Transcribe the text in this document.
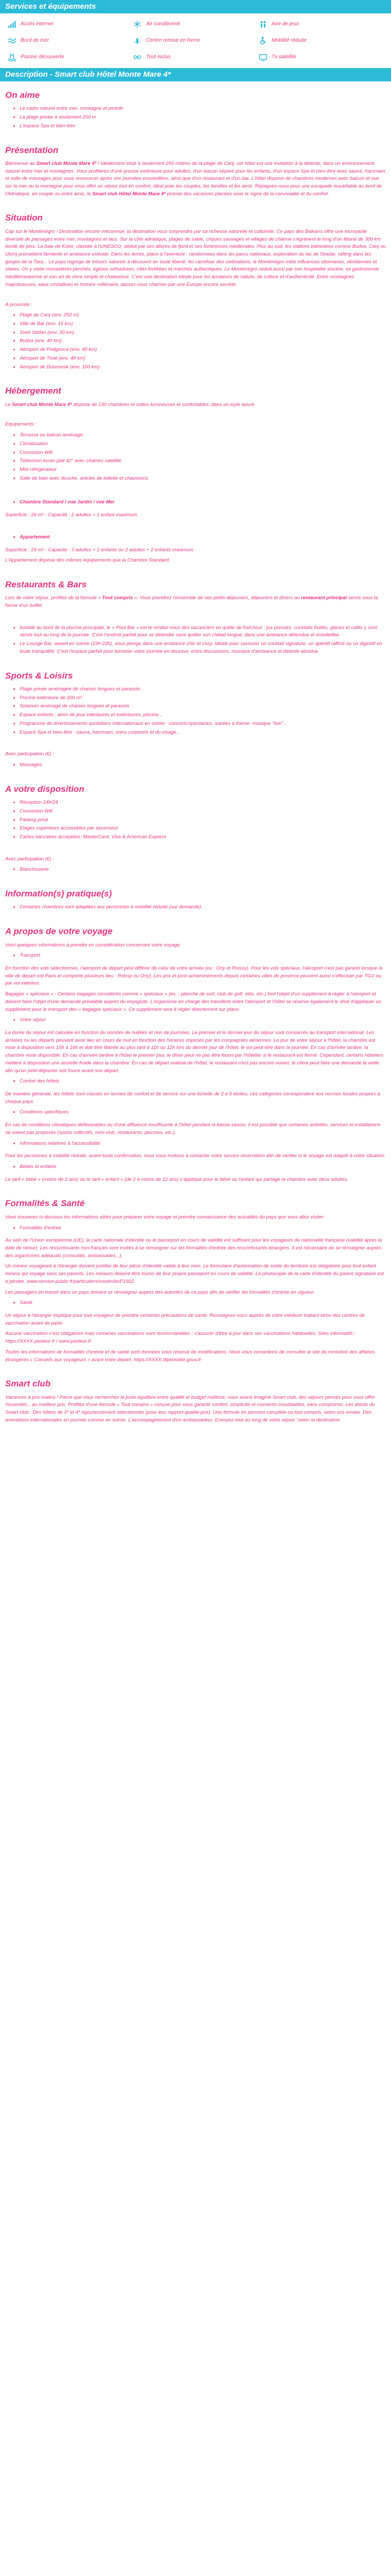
Services et équipements
Accès internet	Air conditionné	Aire de jeux
Bord de mer	Centre remise en forme	Mobilité réduite
Piscine découverte	Tout inclus	Tv satellite
Description - Smart club Hôtel Monte Mare 4*
On aime
• Le cadre naturel entre mer, montagne et pinède.
• La plage privée à seulement 250 m
• L'espace Spa et bien-être
Présentation

Bienvenue au Smart club Monte Mare 4* ! Idéalement situé à seulement 250 mètres de la plage de Canj, cet hôtel est une invitation à la détente, dans un environnement naturel entre mer et montagnes. Vous profiterez d'une piscine extérieure pour adultes, d'un bassin séparé pour les enfants, d'un espace Spa et bien-être avec sauna, hammam et salle de massages pour vous ressourcer après vos journées ensoleillées, ainsi que d'un restaurant et d'un bar. L'hôtel dispose de chambres modernes avec balcon et vue sur la mer ou la montagne pour vous offrir un séjour tout en confort, idéal pour les couples, les familles et les amis. Rejoignez-nous pour une escapade inoubliable au bord de l'Adriatique, en couple ou entre amis, le Smart club Hôtel Monte Mare 4* promet des vacances placées sous le signe de la convivialité et du confort.

Situation

Cap sur le Monténégro ! Destination encore méconnue, la destination vous surprendra par sa richesse naturelle et culturelle. Ce pays des Balkans offre une incroyable diversité de paysages entre mer, montagnes et lacs. Sur la côte adriatique, plages de sable, criques sauvages et villages de charme s'égrènent le long d'un littoral de 300 km bordé de pins. La baie de Kotor, classée à l'UNESCO, séduit par ses allures de fjord et ses forteresses médiévales. Plus au sud, les stations balnéaires comme Budva, Canj ou Ulcinj promettent farniente et ambiance estivale. Dans les terres, place à l'aventure : randonnées dans les parcs nationaux, exploration du lac de Skadar, rafting dans les gorges de la Tara... Le pays regorge de trésors naturels à découvrir en toute liberté. Au carrefour des civilisations, le Monténégro mêle influences ottomanes, vénitiennes et slaves. On y visite monastères perchés, églises orthodoxes, cités fortifiées et marchés authentiques. Le Monténégro séduit aussi par son hospitalité sincère, sa gastronomie méditerranéenne et son art de vivre simple et chaleureux. C'est une destination idéale pour les amateurs de nature, de culture et d'authenticité. Entre montagnes majestueuses, eaux cristallines et histoire millénaire, laissez-vous charmer par une Europe encore secrète.

A proximité :

• Plage de Canj (env. 250 m)
• Ville de Bar (env. 15 km)
• Sveti Stefan (env. 30 km)
• Budva (env. 40 km)
• Aéroport de Podgorica (env. 40 km)
• Aéroport de Tivat (env. 48 km)
• Aéroport de Dubrovnik (env. 100 km)
Hébergement

Le Smart club Monte Mare 4* dispose de 130 chambres et suites lumineuses et confortables, dans un style épuré.

Equipements :

• Terrasse ou balcon aménagé
• Climatisation
• Connexion Wifi
• Télévision écran plat 42" avec chaînes satellite
• Mini réfrigérateur
• Salle de bain avec douche, articles de toilette et chaussons
• Chambre Standard / vue Jardin / vue Mer

Superficie : 26 m² - Capacité : 2 adultes + 1 enfant maximum

• Appartement

Superficie : 29 m² - Capacité : 3 adultes + 2 enfants ou 2 adultes + 2 enfants maximum

L'Appartement dispose des mêmes équipements que la Chambre Standard.

Restaurants & Bars

Lors de votre séjour, profitez de la formule « Tout compris ». Vous prendrez l'ensemble de vos petits-déjeuners, déjeuners et dîners au restaurant principal servis sous la forme d'un buffet.

• Installé au bord de la piscine principale, le « Pool Bar » est le rendez-vous des vacanciers en quête de fraîcheur : jus pressés, cocktails fruités, glaces et cafés y sont servis tout au long de la journée. C'est l'endroit parfait pour se détendre sans quitter son chiliad longue, dans une ambiance détendue et ensoleillée.
• Le Lounge Bar, ouvert en soirée (19h-23h), vous plonge dans une ambiance chic et cosy. Idéale pour savourer un cocktail signature, un apéritif raffiné ou un digestif en toute tranquillité. C'est l'espace parfait pour terminer votre journée en douceur, entre discussions, musique d'ambiance et détente absolue.
Sports & Loisirs
• Plage privée aménagée de chaises longues et parasols
• Piscine extérieure de 200 m²
• Solarium aménagé de chaises longues et parasols
• Espace enfants : aires de jeux intérieures et extérieures, piscine...
• Programme de divertissements quotidiens internationaux en soirée : concerts/spectacles, soirées à thème, musique "live"...
• Espace Spa et bien-être : sauna, hammam, soins corporels et du visage...

Avec participation (€) :

• Massages
A votre disposition
• Réception 24h/24
• Connexion Wifi
• Parking privé
• Etages supérieurs accessibles par ascenseur
• Cartes bancaires acceptées: MasterCard, Visa & American Express

Avec participation (€) :

• Blanchisserie
Information(s) pratique(s)
• Certaines chambres sont adaptées aux personnes à mobilité réduite (sur demande).
A propos de votre voyage

Voici quelques informations à prendre en considération concernant votre voyage.

• Transport

En fonction des vols sélectionnés, l'aéroport de départ peut différer de celui de votre arrivée (ex : Orly et Roissy). Pour les vols spéciaux, l'aéroport n'est pas garanti lorsque la ville de départ est Paris et comporte plusieurs lieu : Roissy ou Orly). Les prix et post-acheminements depuis certaines villes de province peuvent aussi s'effectuer par TGV ou par vol intérieur.

Bagages « spéciaux » : Certains bagages considérés comme « spéciaux » (ex. : planche de surf, club de golf, vélo, etc.) font l'objet d'un supplément à régler à l'aéroport et doivent faire l'objet d'une demande préalable auprès du voyagiste. L'organisme en charge des transferts entre l'aéroport et l'hôtel se réserve également le droit d'appliquer un supplément pour le transport des « bagages spéciaux ». Ce supplément sera à régler directement sur place.

• Votre séjour

La durée du séjour est calculée en fonction du nombre de nuitées et non de journées. Le premier et le dernier jour du séjour sont consacrés au transport international. Les arrivées ou les départs peuvent avoir lieu en cours de nuit en fonction des horaires imposés par les compagnies aériennes. Le jour de votre séjour à l'hôtel, la chambre est mise à disposition vers 15h à 16h et doit être libérée au plus tard à 11h ou 12h lors du dernier jour de l'hôtel, le vol peut être dans la journée. En cas d'arrivée tardive, la chambre reste disponible. En cas d'arrivée tardive à l'hôtel le premier jour, le dîner peut ne pas être fourni par l'hôtelier si le restaurant est fermé. Cependant, certains hôteliers mettent à disposition une assiette froide dans la chambre. En cas de départ matinal de l'hôtel, le restaurant n'est pas encore ouvert, le client peut faire une demande la veille afin qu'un petit-déjeuner soit fourni avant son départ.

• Confort des hôtels

De manière générale, les hôtels sont classés en termes de confort et de service sur une échelle de 2 à 5 étoiles, ces catégories correspondent aux normes locales propres à chaque pays.

• Conditions spécifiques

En cas de conditions climatiques défavorables ou d'une affluence insuffisante à l'hôtel pendant la basse saison, il est possible que certaines activités, services et installations ne soient pas proposés (sports collectifs, mini-club, restaurants, piscines, etc.).

• Informations relatives à l'accessibilité

Pour les personnes à mobilité réduite, avant toute confirmation, nous vous invitons à contacter notre service réservation afin de vérifier si le voyage est adapté à votre situation.

• Bébés et enfants

Le tarif « bébé » (moins de 2 ans) ou le tarif « enfant » (de 2 à moins de 12 ans) s'applique pour le bébé ou l'enfant qui partage la chambre avec deux adultes.

Formalités & Santé

Vous trouverez ci-dessous les informations utiles pour préparer votre voyage et prendre connaissance des actualités du pays que vous allez visiter.

• Formalités d'entrée

Au sein de l'Union européenne (UE), la carte nationale d'identité ou le passeport en cours de validité est suffisant pour les voyageurs de nationalité française (validité après la date de retour). Les ressortissants non-français sont invités à se renseigner sur les formalités d'entrée des ressortissants étrangers. Il est nécessaire de se renseigner auprès des organismes adéquats (consulats, ambassades...).

Un mineur voyageant à l'étranger doivent justifier de leur pièce d'identité valide à leur nom. Le formulaire d'autorisation de sortie du territoire est obligatoire pour tout enfant mineur qui voyage sans ses parents. Les mineurs doivent être munis de leur propre passeport en cours de validité. La photocopie de la carte d'identité du parent signataire est à joindre. www.service-public.fr/particuliers/vosdroits/F1922

Les passagers en transit dans un pays doivent se renseigner auprès des autorités de ce pays afin de vérifier les formalités d'entrée en vigueur.

• Santé

Un séjour à l'étranger implique pour tout voyageur de prendre certaines précautions de santé. Renseignez-vous auprès de votre médecin traitant et/ou des centres de vaccination avant de partir.

Aucune vaccination n'est obligatoire mais certaines vaccinations sont recommandées ; s'assurer d'être à jour dans ses vaccinations habituelles. Sites informatifs : https://XXXX.pasteur.fr / www.pasteur.fr

Toutes les informations de formalités d'entrée et de santé sont données sous réserve de modifications. Nous vous conseillons de consulter le site du ministère des affaires étrangères « Conseils aux voyageurs » avant votre départ. https://XXXX.diplomatie.gouv.fr

Smart club

Vacances à prix malins ! Parce que vous recherchez la juste équilibre entre qualité et budget maîtrisé, nous avons imaginé Smart club, des séjours pensés pour vous offrir l'essentiel... au meilleur prix. Profitez d'une formule « Tout compris » conçue pour vous garantir confort, simplicité et moments inoubliables, sans compromis. Les atouts du Smart club : Des hôtels de 3* et 4* rigoureusement sélectionnés (pour leur rapport qualité-prix). Une formule en pension complète ou tout compris, selon vos envies. Des animations internationales en journée comme en soirée. L'accompagnement d'un ambassadeur. Envoyez-tout au long de votre séjour "selon la destination.
